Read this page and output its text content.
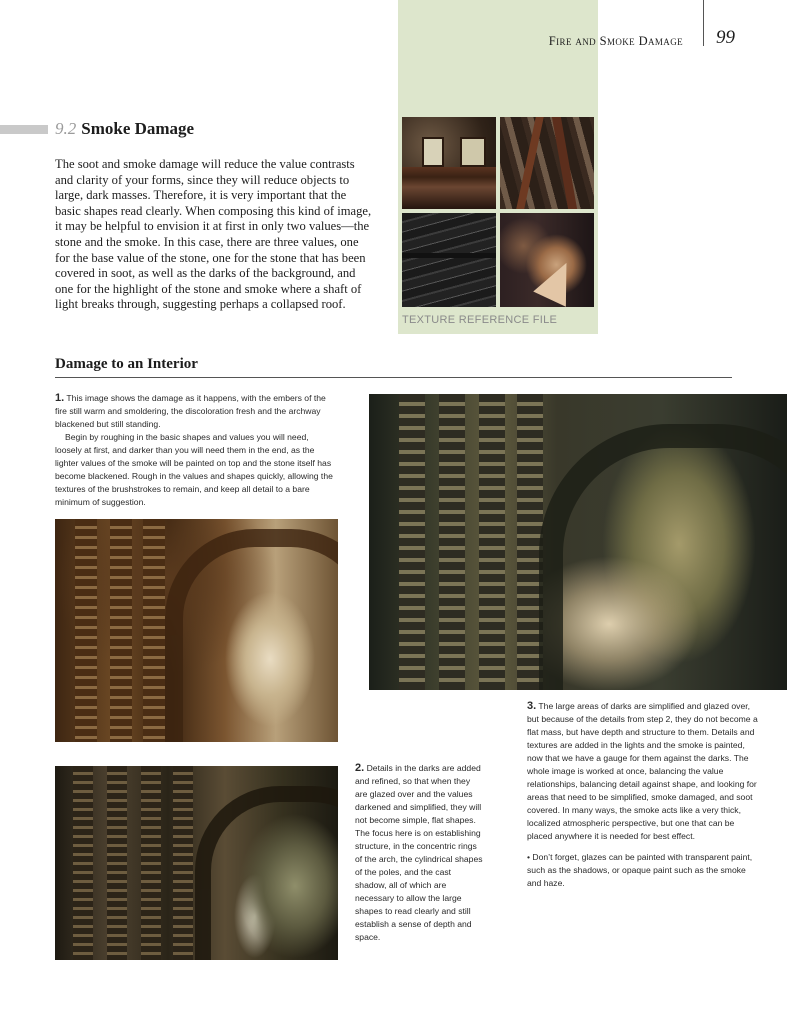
Fire and Smoke Damage 99
9.2 Smoke Damage
The soot and smoke damage will reduce the value contrasts and clarity of your forms, since they will reduce objects to large, dark masses. Therefore, it is very important that the basic shapes read clearly. When composing this kind of image, it may be helpful to envision it at first in only two values—the stone and the smoke. In this case, there are three values, one for the base value of the stone, one for the stone that has been covered in soot, as well as the darks of the background, and one for the highlight of the stone and smoke where a shaft of light breaks through, suggesting perhaps a collapsed roof.
TEXTURE REFERENCE FILE
Damage to an Interior

1. This image shows the damage as it happens, with the embers of the fire still warm and smoldering, the discoloration fresh and the archway blackened but still standing.

Begin by roughing in the basic shapes and values you will need, loosely at first, and darker than you will need them in the end, as the lighter values of the smoke will be painted on top and the stone itself has become blackened. Rough in the values and shapes quickly, allowing the textures of the brushstrokes to remain, and keep all detail to a bare minimum of suggestion.

2. Details in the darks are added and refined, so that when they are glazed over and the values darkened and simplified, they will not become simple, flat shapes. The focus here is on establishing structure, in the concentric rings of the arch, the cylindrical shapes of the poles, and the cast shadow, all of which are necessary to allow the large shapes to read clearly and still establish a sense of depth and space.

3. The large areas of darks are simplified and glazed over, but because of the details from step 2, they do not become a flat mass, but have depth and structure to them. Details and textures are added in the lights and the smoke is painted, now that we have a gauge for them against the darks. The whole image is worked at once, balancing the value relationships, balancing detail against shape, and looking for areas that need to be simplified, smoke damaged, and soot covered. In many ways, the smoke acts like a very thick, localized atmospheric perspective, but one that can be placed anywhere it is needed for best effect.

• Don’t forget, glazes can be painted with transparent paint, such as the shadows, or opaque paint such as the smoke and haze.
